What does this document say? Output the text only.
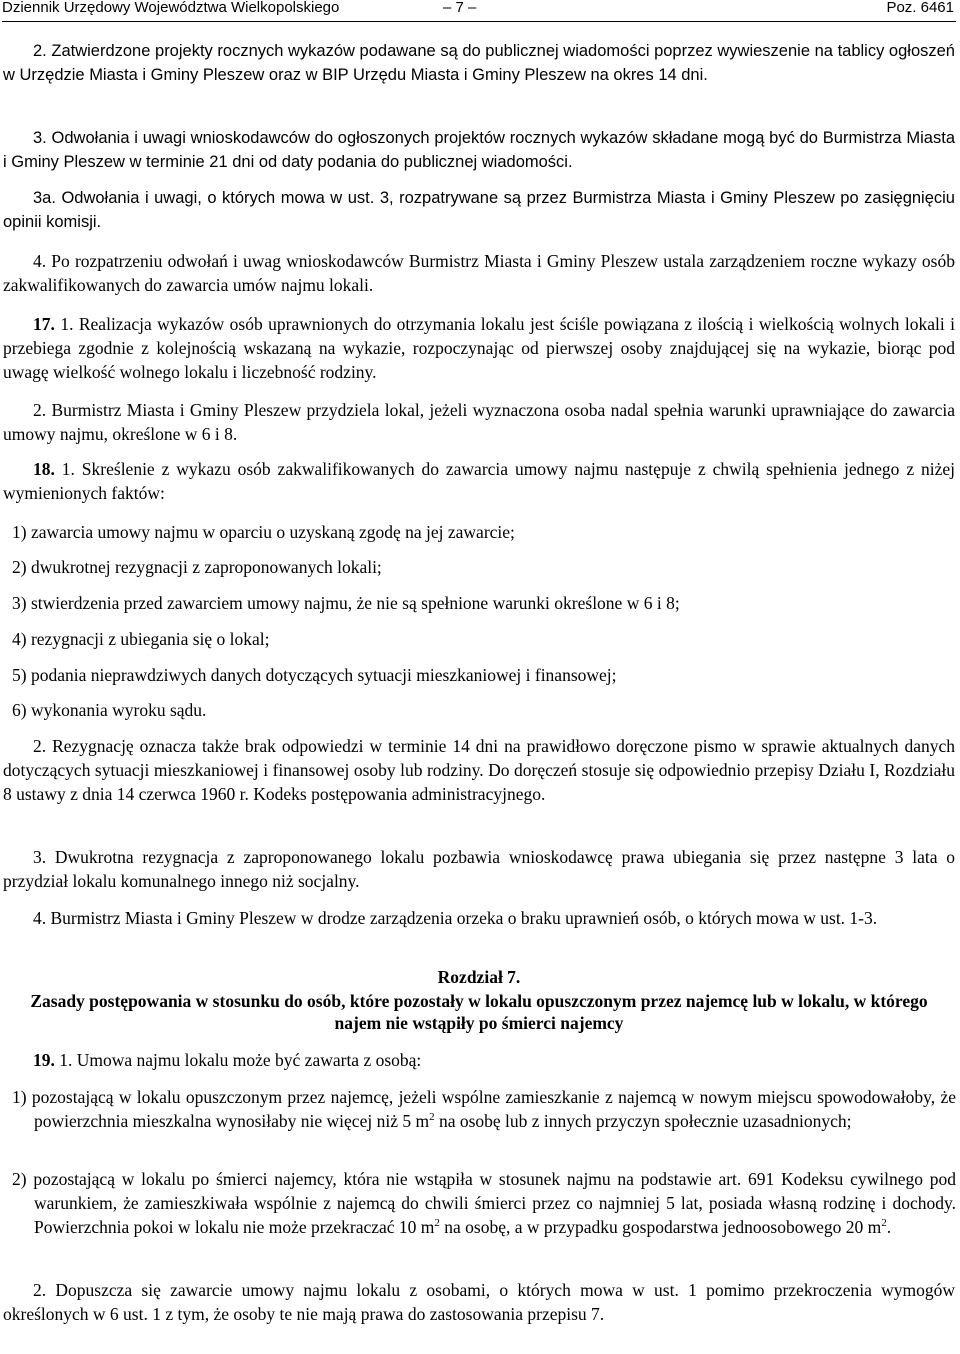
Dziennik Urzędowy Województwa Wielkopolskiego	– 7 –	Poz. 6461

2. Zatwierdzone projekty rocznych wykazów podawane są do publicznej wiadomości poprzez wywieszenie na tablicy ogłoszeń w Urzędzie Miasta i Gminy Pleszew oraz w BIP Urzędu Miasta i Gminy Pleszew na okres 14 dni.

3. Odwołania i uwagi wnioskodawców do ogłoszonych projektów rocznych wykazów składane mogą być do Burmistrza Miasta i Gminy Pleszew w terminie 21 dni od daty podania do publicznej wiadomości.

3a. Odwołania i uwagi, o których mowa w ust. 3, rozpatrywane są przez Burmistrza Miasta i Gminy Pleszew po zasięgnięciu opinii komisji.

4. Po rozpatrzeniu odwołań i uwag wnioskodawców Burmistrz Miasta i Gminy Pleszew ustala zarządzeniem roczne wykazy osób zakwalifikowanych do zawarcia umów najmu lokali.

17. 1. Realizacja wykazów osób uprawnionych do otrzymania lokalu jest ściśle powiązana z ilością i wielkością wolnych lokali i przebiega zgodnie z kolejnością wskazaną na wykazie, rozpoczynając od pierwszej osoby znajdującej się na wykazie, biorąc pod uwagę wielkość wolnego lokalu i liczebność rodziny.

2. Burmistrz Miasta i Gminy Pleszew przydziela lokal, jeżeli wyznaczona osoba nadal spełnia warunki uprawniające do zawarcia umowy najmu, określone w 6 i 8.

18. 1. Skreślenie z wykazu osób zakwalifikowanych do zawarcia umowy najmu następuje z chwilą spełnienia jednego z niżej wymienionych faktów:

1) zawarcia umowy najmu w oparciu o uzyskaną zgodę na jej zawarcie;

2) dwukrotnej rezygnacji z zaproponowanych lokali;

3) stwierdzenia przed zawarciem umowy najmu, że nie są spełnione warunki określone w 6 i 8;

4) rezygnacji z ubiegania się o lokal;

5) podania nieprawdziwych danych dotyczących sytuacji mieszkaniowej i finansowej;

6) wykonania wyroku sądu.

2. Rezygnację oznacza także brak odpowiedzi w terminie 14 dni na prawidłowo doręczone pismo w sprawie aktualnych danych dotyczących sytuacji mieszkaniowej i finansowej osoby lub rodziny. Do doręczeń stosuje się odpowiednio przepisy Działu I, Rozdziału 8 ustawy z dnia 14 czerwca 1960 r. Kodeks postępowania administracyjnego.

3. Dwukrotna rezygnacja z zaproponowanego lokalu pozbawia wnioskodawcę prawa ubiegania się przez następne 3 lata o przydział lokalu komunalnego innego niż socjalny.

4. Burmistrz Miasta i Gminy Pleszew w drodze zarządzenia orzeka o braku uprawnień osób, o których mowa w ust. 1-3.

Rozdział 7.

Zasady postępowania w stosunku do osób, które pozostały w lokalu opuszczonym przez najemcę lub w lokalu, w którego najem nie wstąpiły po śmierci najemcy

19. 1. Umowa najmu lokalu może być zawarta z osobą:

1) pozostającą w lokalu opuszczonym przez najemcę, jeżeli wspólne zamieszkanie z najemcą w nowym miejscu spowodowałoby, że powierzchnia mieszkalna wynosiłaby nie więcej niż 5 $m^2$ na osobę lub z innych przyczyn społecznie uzasadnionych;

2) pozostającą w lokalu po śmierci najemcy, która nie wstąpiła w stosunek najmu na podstawie art. 691 Kodeksu cywilnego pod warunkiem, że zamieszkiwała wspólnie z najemcą do chwili śmierci przez co najmniej 5 lat, posiada własną rodzinę i dochody. Powierzchnia pokoi w lokalu nie może przekraczać 10 $m^2$ na osobę, a w przypadku gospodarstwa jednoosobowego 20 $m^2$.

2. Dopuszcza się zawarcie umowy najmu lokalu z osobami, o których mowa w ust. 1 pomimo przekroczenia wymogów określonych w 6 ust. 1 z tym, że osoby te nie mają prawa do zastosowania przepisu 7.
